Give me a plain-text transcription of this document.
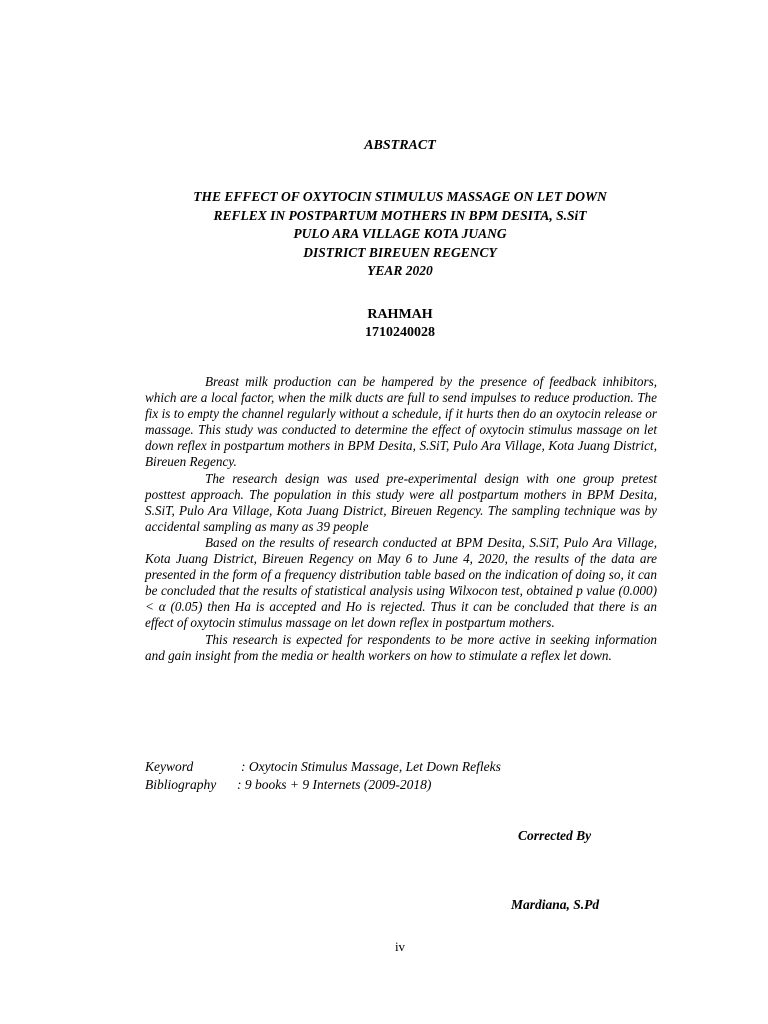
ABSTRACT
THE EFFECT OF OXYTOCIN STIMULUS MASSAGE ON LET DOWN
REFLEX IN POSTPARTUM MOTHERS IN BPM DESITA, S.SiT
PULO ARA VILLAGE KOTA JUANG
DISTRICT BIREUEN REGENCY
YEAR 2020
RAHMAH
1710240028

Breast milk production can be hampered by the presence of feedback inhibitors, which are a local factor, when the milk ducts are full to send impulses to reduce production. The fix is to empty the channel regularly without a schedule, if it hurts then do an oxytocin release or massage. This study was conducted to determine the effect of oxytocin stimulus massage on let down reflex in postpartum mothers in BPM Desita, S.SiT, Pulo Ara Village, Kota Juang District, Bireuen Regency.

The research design was used pre-experimental design with one group pretest posttest approach. The population in this study were all postpartum mothers in BPM Desita, S.SiT, Pulo Ara Village, Kota Juang District, Bireuen Regency. The sampling technique was by accidental sampling as many as 39 people

Based on the results of research conducted at BPM Desita, S.SiT, Pulo Ara Village, Kota Juang District, Bireuen Regency on May 6 to June 4, 2020, the results of the data are presented in the form of a frequency distribution table based on the indication of doing so, it can be concluded that the results of statistical analysis using Wilxocon test, obtained p value (0.000) < α (0.05) then Ha is accepted and Ho is rejected. Thus it can be concluded that there is an effect of oxytocin stimulus massage on let down reflex in postpartum mothers.

This research is expected for respondents to be more active in seeking information and gain insight from the media or health workers on how to stimulate a reflex let down.

Keyword	: Oxytocin Stimulus Massage, Let Down Refleks
Bibliography	: 9 books + 9 Internets (2009-2018)
Corrected By
Mardiana, S.Pd
iv
